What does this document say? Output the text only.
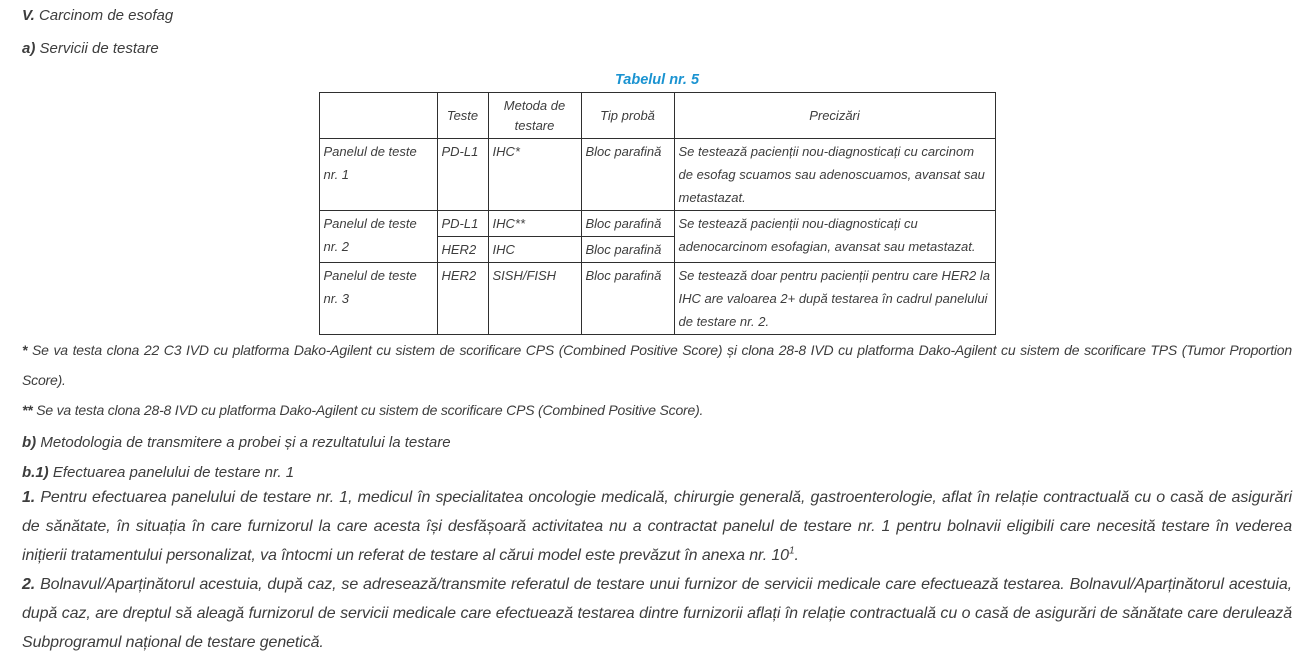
V. Carcinom de esofag

a) Servicii de testare

Tabelul nr. 5

	Teste	Metoda de testare	Tip probă	Precizări
Panelul de teste nr. 1	PD-L1	IHC*	Bloc parafină	Se testează pacienții nou-diagnosticați cu carcinom de esofag scuamos sau adenoscuamos, avansat sau metastazat.
Panelul de teste nr. 2	PD-L1	IHC**	Bloc parafină	Se testează pacienții nou-diagnosticați cu adenocarcinom esofagian, avansat sau metastazat.
	HER2	IHC	Bloc parafină	
Panelul de teste nr. 3	HER2	SISH/FISH	Bloc parafină	Se testează doar pentru pacienții pentru care HER2 la IHC are valoarea 2+ după testarea în cadrul panelului de testare nr. 2.

* Se va testa clona 22 C3 IVD cu platforma Dako-Agilent cu sistem de scorificare CPS (Combined Positive Score) și clona 28-8 IVD cu platforma Dako-Agilent cu sistem de scorificare TPS (Tumor Proportion Score).

** Se va testa clona 28-8 IVD cu platforma Dako-Agilent cu sistem de scorificare CPS (Combined Positive Score).

b) Metodologia de transmitere a probei și a rezultatului la testare

b.1) Efectuarea panelului de testare nr. 1

1. Pentru efectuarea panelului de testare nr. 1, medicul în specialitatea oncologie medicală, chirurgie generală, gastroenterologie, aflat în relație contractuală cu o casă de asigurări de sănătate, în situația în care furnizorul la care acesta își desfășoară activitatea nu a contractat panelul de testare nr. 1 pentru bolnavii eligibili care necesită testare în vederea inițierii tratamentului personalizat, va întocmi un referat de testare al cărui model este prevăzut în anexa nr. $10^1$.

2. Bolnavul/Aparținătorul acestuia, după caz, se adresează/transmite referatul de testare unui furnizor de servicii medicale care efectuează testarea. Bolnavul/Aparținătorul acestuia, după caz, are dreptul să aleagă furnizorul de servicii medicale care efectuează testarea dintre furnizorii aflați în relație contractuală cu o casă de asigurări de sănătate care derulează Subprogramul național de testare genetică.
